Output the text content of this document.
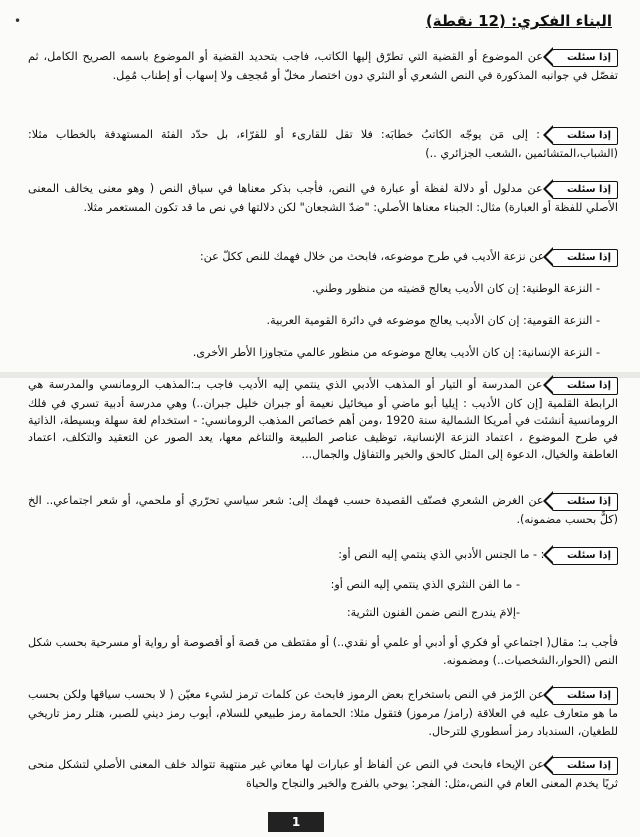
البناء الفكري: (12 نقطة)
•
إذا سئلت عن الموضوع أو القضية التي تطرّق إليها الكاتب، فاجب بتحديد القضية أو الموضوع باسمه الصريح الكامل، ثم تفصّل في جوانبه المذكورة في النص الشعري أو النثري دون اختصار مخلّ أو مُجحِف ولا إسهاب أو إطناب مُمِل.
إذا سئلت : إلى مَن يوجّه الكاتبُ خطابَه: فلا تقل للقارىء أو للقرّاء، بل حدّد الفئة المستهدفة بالخطاب مثلا:(الشباب،المتشائمين ،الشعب الجزائري ..)
إذا سئلت عن مدلول أو دلالة لفظة أو عبارة في النص، فأجب بذكر معناها في سياق النص ( وهو معنى يخالف المعنى الأصلي للفظة أو العبارة) مثال: الجبناء معناها الأصلي: "ضدّ الشجعان" لكن دلالتها في نص ما قد تكون المستعمر مثلا.
إذا سئلت عن نزعة الأديب في طرح موضوعه، فابحث من خلال فهمك للنص ككلّ عن:
- النزعة الوطنية: إن كان الأديب يعالج قضيته من منظور وطني.
- النزعة القومية: إن كان الأديب يعالج موضوعه في دائرة القومية العربية.
- النزعة الإنسانية: إن كان الأديب يعالج موضوعه من منظور عالمي متجاوزا الأطر الأخرى.
إذا سئلت عن المدرسة أو التيار أو المذهب الأدبي الذي ينتمي إليه الأديب فاجب بـ:المذهب الرومانسي والمدرسة هي الرابطة القلمية [إن كان الأديب : إيليا أبو ماضي أو ميخائيل نعيمة أو جبران خليل جبران..) وهي مدرسة أدبية تسري في فلك الرومانسية أنشئت في أمريكا الشمالية سنة 1920 ،ومن أهم خصائص المذهب الرومانسي: - استخدام لغة سهلة وبسيطة، الذاتية في طرح الموضوع ، اعتماد النزعة الإنسانية، توظيف عناصر الطبيعة والتناغم معها، يعد الصور عن التعقيد والتكلف، اعتماد العاطفة والخيال، الدعوة إلى المثل كالحق والخير والتفاؤل والجمال...
إذا سئلت عن الغرض الشعري فصنّف القصيدة حسب فهمك إلى: شعر سياسي تحرّري أو ملحمي، أو شعر اجتماعي.. الخ (كلٌّ بحسب مضمونه).
إذا سئلت : - ما الجنس الأدبي الذي ينتمي إليه النص أو:
- ما الفن النثري الذي ينتمي إليه النص أو:
-إلامَ يندرج النص ضمن الفنون النثرية:
فأجب بـ: مقال( اجتماعي أو فكري أو أدبي أو علمي أو نقدي..) أو مقتطف من قصة أو أقصوصة أو رواية أو مسرحية بحسب شكل النص (الحوار،الشخصيات..) ومضمونه.
إذا سئلت عن الرّمز في النص باستخراج بعض الرموز فابحث عن كلمات ترمز لشيء معيّن ( لا بحسب سياقها ولكن بحسب ما هو متعارف عليه في العلاقة (رامز/ مرموز) فتقول مثلا: الحمامة رمز طبيعي للسلام، أيوب رمز ديني للصبر، هتلر رمز تاريخي للطغيان، السندباد رمز أسطوري للترحال.
إذا سئلت عن الإيحاء فابحث في النص عن ألفاظ أو عبارات لها معاني غير منتهية تتوالد خلف المعنى الأصلي لتشكل منحى ثريًا يخدم المعنى العام في النص،مثل: الفجر: يوحي بالفرج والخير والنجاح والحياة
1
